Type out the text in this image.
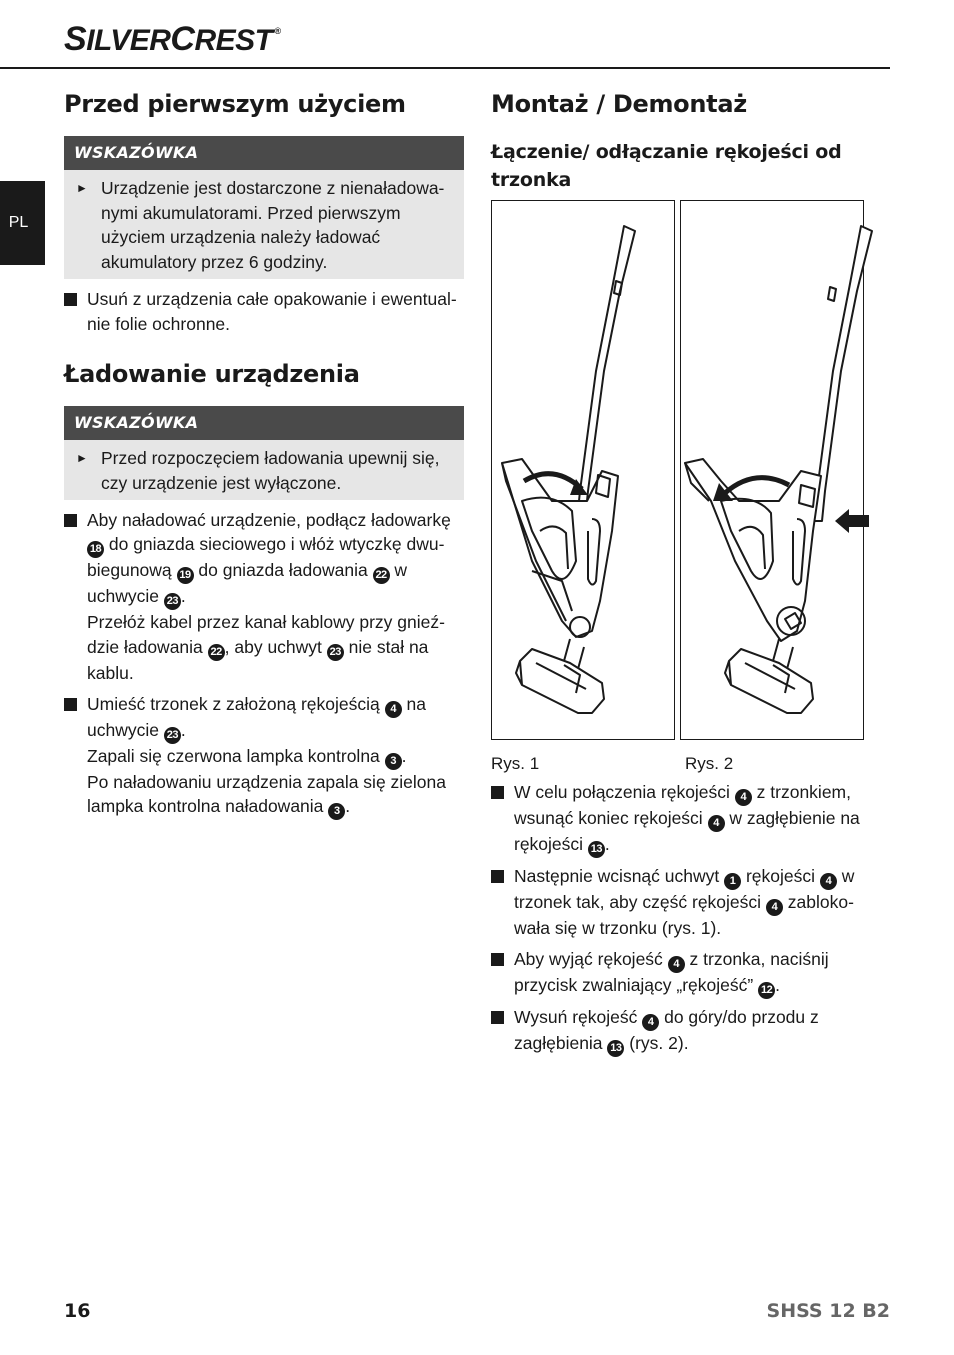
SILVERCREST ®
PL
Przed pierwszym użyciem
WSKAZÓWKA
► Urządzenie jest dostarczone z nienaładowa-nymi akumulatorami. Przed pierwszym użyciem urządzenia należy ładować akumulatory przez 6 godziny.
Usuń z urządzenia całe opakowanie i ewentual-nie folie ochronne.
Ładowanie urządzenia
WSKAZÓWKA
► Przed rozpoczęciem ładowania upewnij się, czy urządzenie jest wyłączone.

Aby naładować urządzenie, podłącz ładowarkę 18 do gniazda sieciowego i włóż wtyczkę dwu-biegunową 19 do gniazda ładowania 22 w uchwycie 23 .

Przełóż kabel przez kanał kablowy przy gnieź-dzie ładowania 22 , aby uchwyt 23 nie stał na kablu.

Umieść trzonek z założoną rękojeścią 4 na uchwycie 23 .

Zapali się czerwona lampka kontrolna 3 .

Po naładowaniu urządzenia zapala się zielona lampka kontrolna naładowania 3 .

Montaż / Demontaż
Łączenie/ odłączanie rękojeści od trzonka
Rys. 1	Rys. 2
W celu połączenia rękojeści 4 z trzonkiem, wsunąć koniec rękojeści 4 w zagłębienie na rękojeści 13 .
Następnie wcisnąć uchwyt 1 rękojeści 4 w trzonek tak, aby część rękojeści 4 zabloko-wała się w trzonku (rys. 1).
Aby wyjąć rękojeść 4 z trzonka, naciśnij przycisk zwalniający „rękojeść” 12 .
Wysuń rękojeść 4 do góry/do przodu z zagłębienia 13 (rys. 2).
16	SHSS 12 B2
